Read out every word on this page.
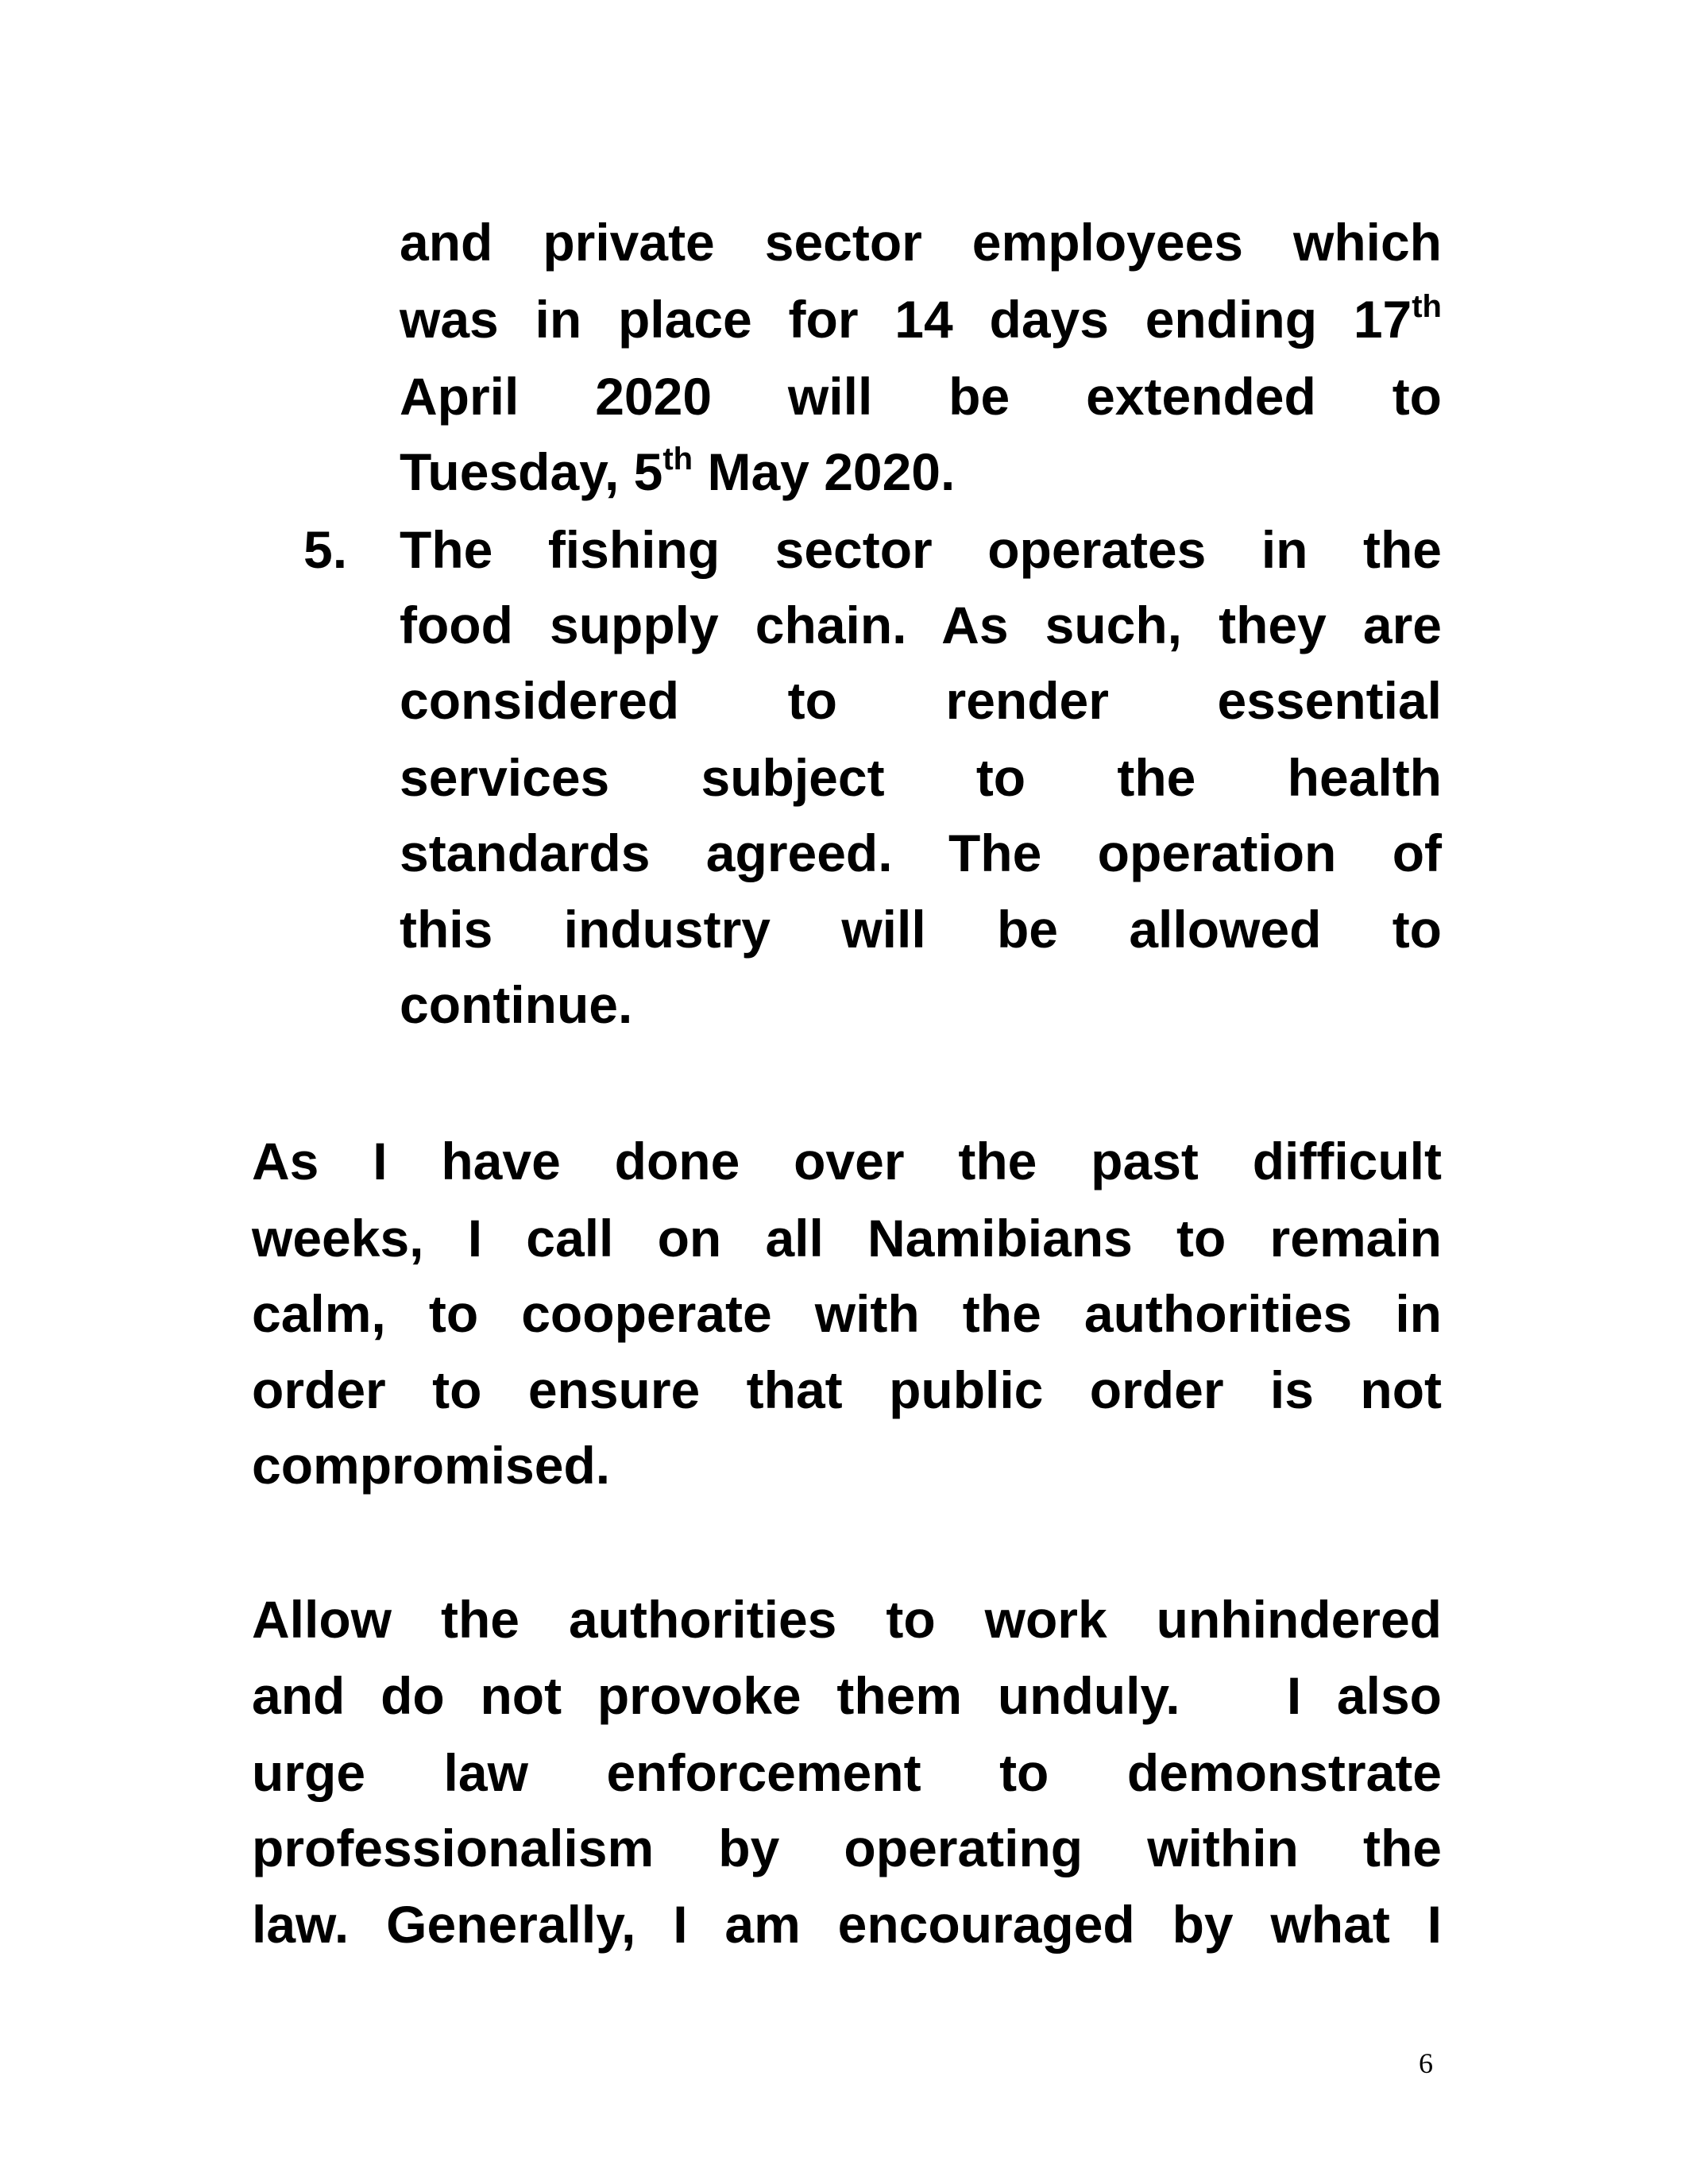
and private sector employees which
was in place for 14 days ending 17th
April 2020 will be extended to
Tuesday, 5th May 2020.
5. The fishing sector operates in the
food supply chain. As such, they are
considered to render essential
services subject to the health
standards agreed. The operation of
this industry will be allowed to
continue.
As I have done over the past difficult
weeks, I call on all Namibians to remain
calm, to cooperate with the authorities in
order to ensure that public order is not
compromised.
Allow the authorities to work unhindered
and do not provoke them unduly.   I also
urge law enforcement to demonstrate
professionalism by operating within the
law. Generally, I am encouraged by what I
6
